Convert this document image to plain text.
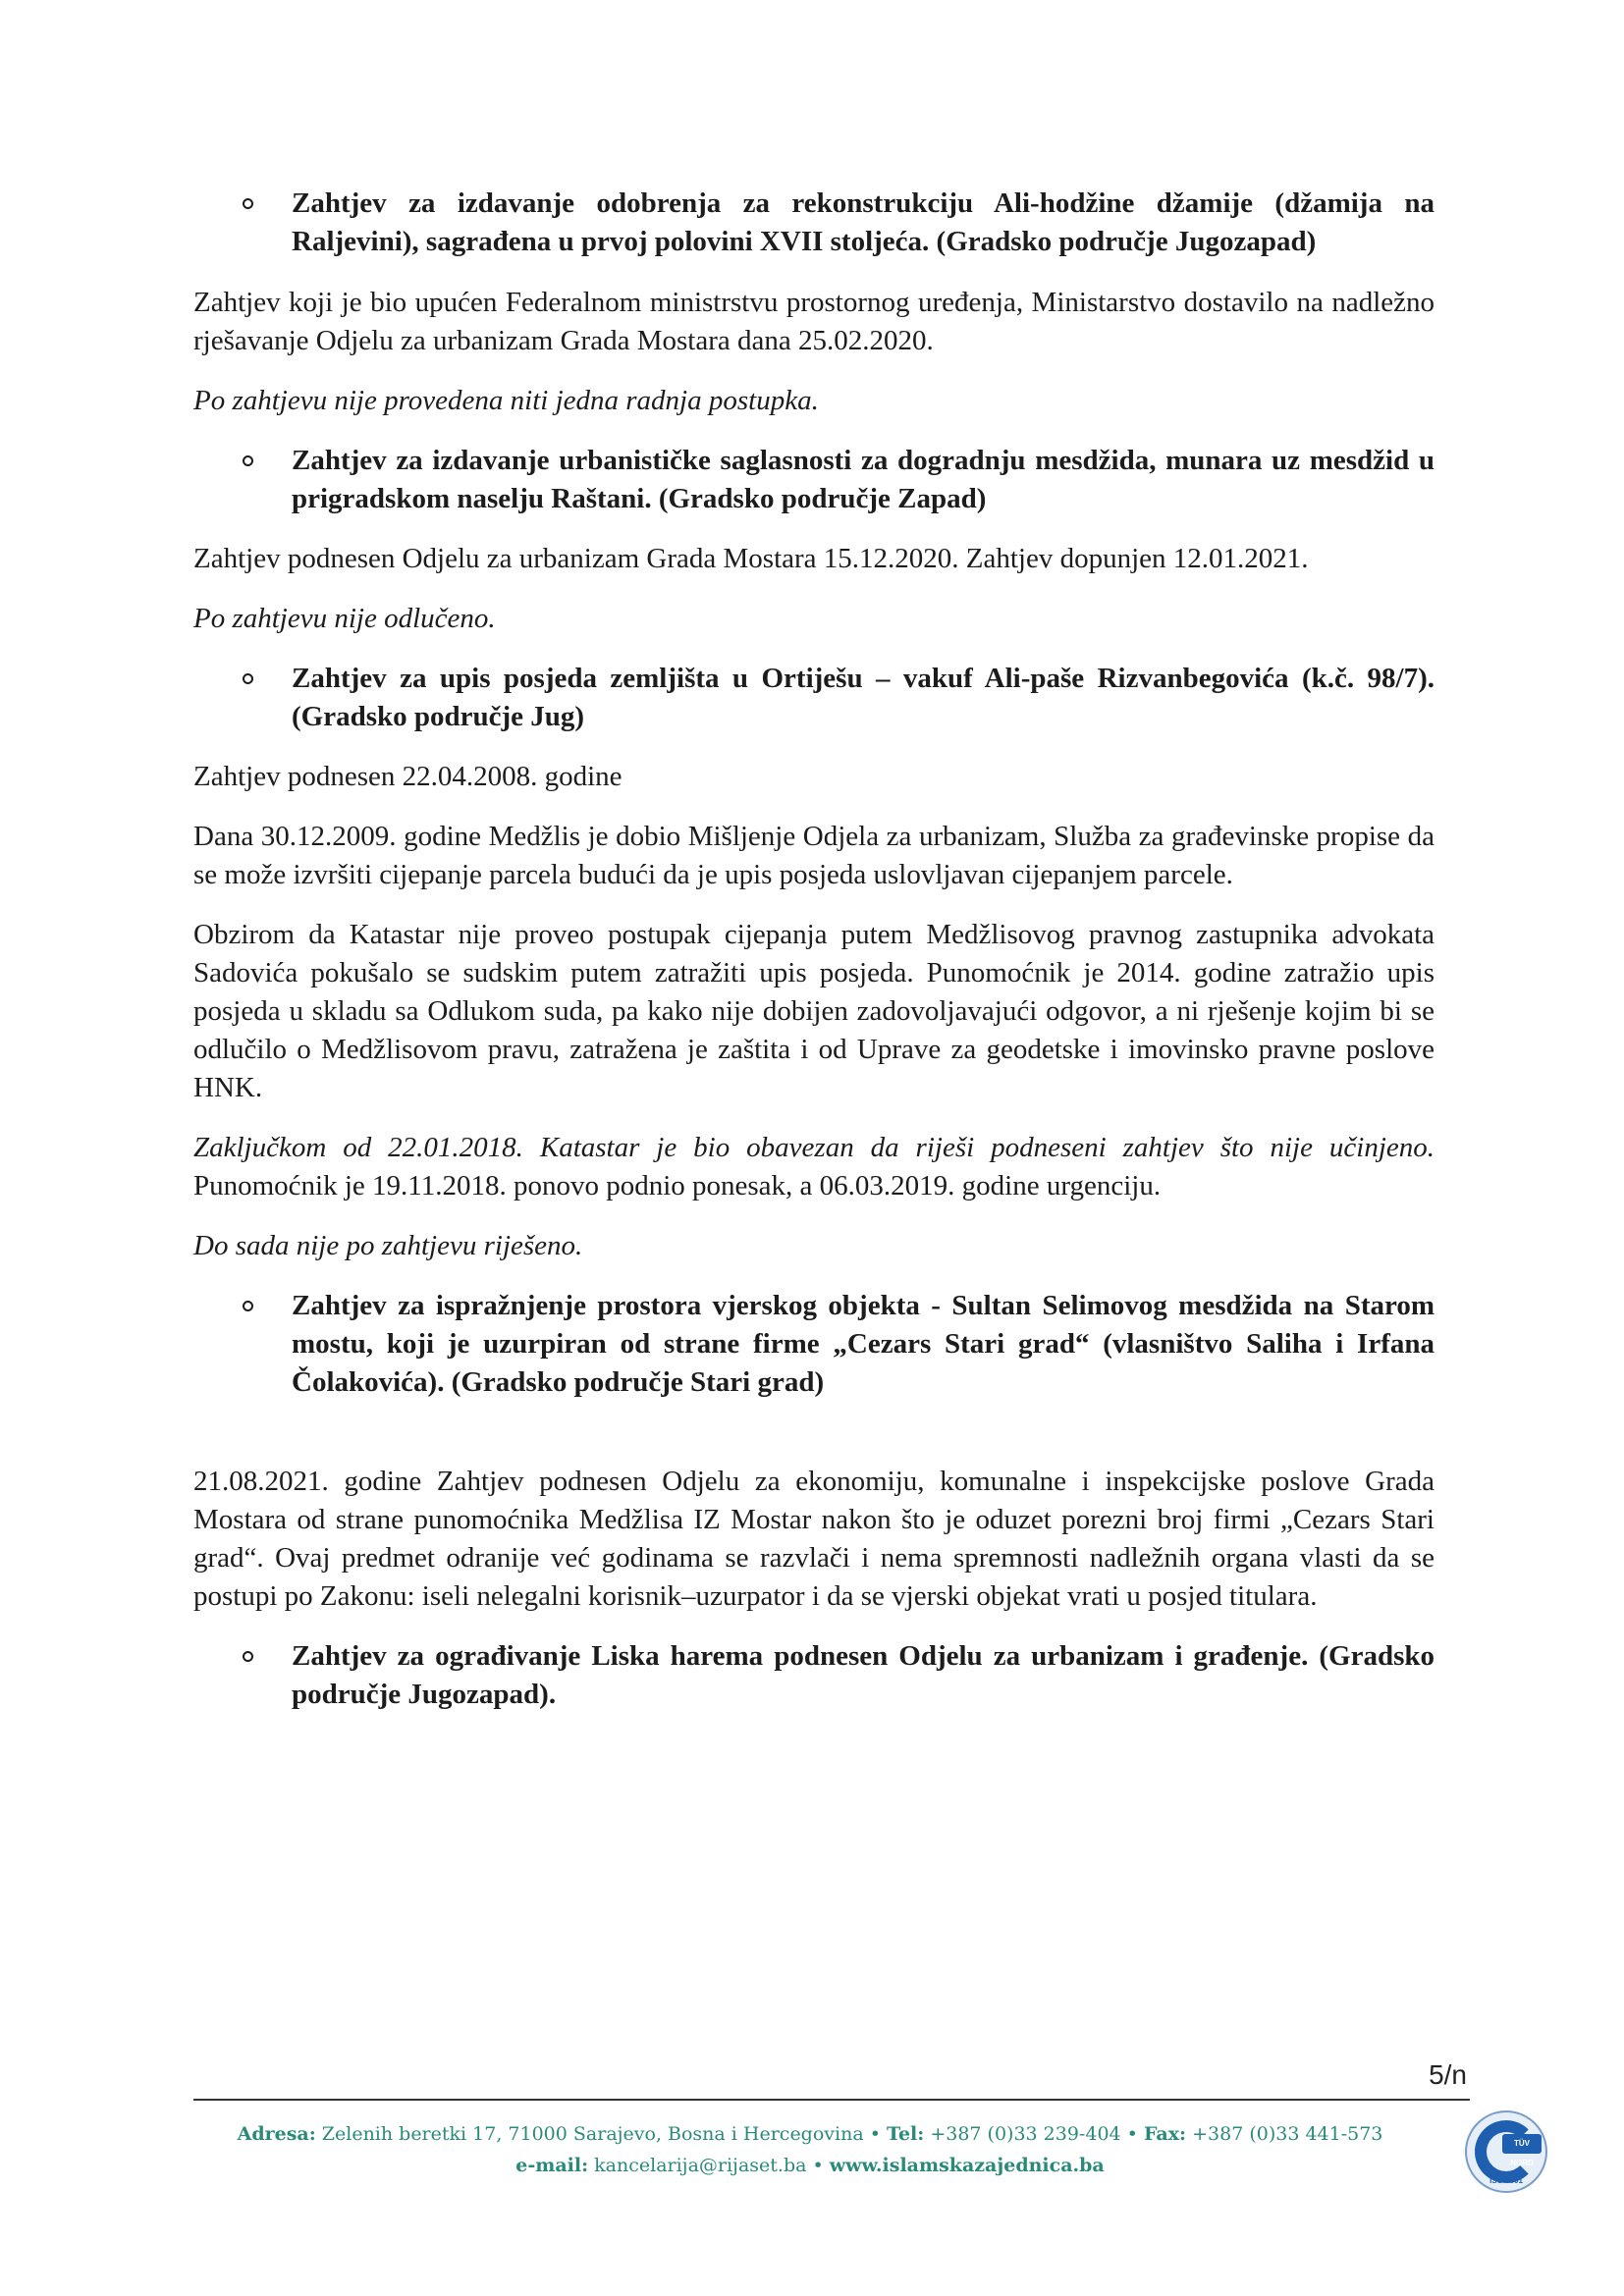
Zahtjev za izdavanje odobrenja za rekonstrukciju Ali-hodžine džamije (džamija na Raljevini), sagrađena u prvoj polovini XVII stoljeća. (Gradsko područje Jugozapad)

Zahtjev koji je bio upućen Federalnom ministrstvu prostornog uređenja, Ministarstvo dostavilo na nadležno rješavanje Odjelu za urbanizam Grada Mostara dana 25.02.2020.

Po zahtjevu nije provedena niti jedna radnja postupka.

Zahtjev za izdavanje urbanističke saglasnosti za dogradnju mesdžida, munara uz mesdžid u prigradskom naselju Raštani. (Gradsko područje Zapad)

Zahtjev podnesen Odjelu za urbanizam Grada Mostara 15.12.2020. Zahtjev dopunjen 12.01.2021.

Po zahtjevu nije odlučeno.

Zahtjev za upis posjeda zemljišta u Ortiješu – vakuf Ali-paše Rizvanbegovića (k.č. 98/7). (Gradsko područje Jug)

Zahtjev podnesen 22.04.2008. godine

Dana 30.12.2009. godine Medžlis je dobio Mišljenje Odjela za urbanizam, Služba za građevinske propise da se može izvršiti cijepanje parcela budući da je upis posjeda uslovljavan cijepanjem parcele.

Obzirom da Katastar nije proveo postupak cijepanja putem Medžlisovog pravnog zastupnika advokata Sadovića pokušalo se sudskim putem zatražiti upis posjeda. Punomoćnik je 2014. godine zatražio upis posjeda u skladu sa Odlukom suda, pa kako nije dobijen zadovoljavajući odgovor, a ni rješenje kojim bi se odlučilo o Medžlisovom pravu, zatražena je zaštita i od Uprave za geodetske i imovinsko pravne poslove HNK.

Zaključkom od 22.01.2018. Katastar je bio obavezan da riješi podneseni zahtjev što nije učinjeno. Punomoćnik je 19.11.2018. ponovo podnio ponesak, a 06.03.2019. godine urgenciju.

Do sada nije po zahtjevu riješeno.

Zahtjev za ispražnjenje prostora vjerskog objekta - Sultan Selimovog mesdžida na Starom mostu, koji je uzurpiran od strane firme „Cezars Stari grad“ (vlasništvo Saliha i Irfana Čolakovića). (Gradsko područje Stari grad)

21.08.2021. godine Zahtjev podnesen Odjelu za ekonomiju, komunalne i inspekcijske poslove Grada Mostara od strane punomoćnika Medžlisa IZ Mostar nakon što je oduzet porezni broj firmi „Cezars Stari grad“. Ovaj predmet odranije već godinama se razvlači i nema spremnosti nadležnih organa vlasti da se postupi po Zakonu: iseli nelegalni korisnik–uzurpator i da se vjerski objekat vrati u posjed titulara.

Zahtjev za ograđivanje Liska harema podnesen Odjelu za urbanizam i građenje. (Gradsko područje Jugozapad).
5/n
Adresa: Zelenih beretki 17, 71000 Sarajevo, Bosna i Hercegovina • Tel: +387 (0)33 239-404 • Fax: +387 (0)33 441-573
e-mail: kancelarija@rijaset.ba • www.islamskazajednica.ba
TÜV NORD
ISO 9001
